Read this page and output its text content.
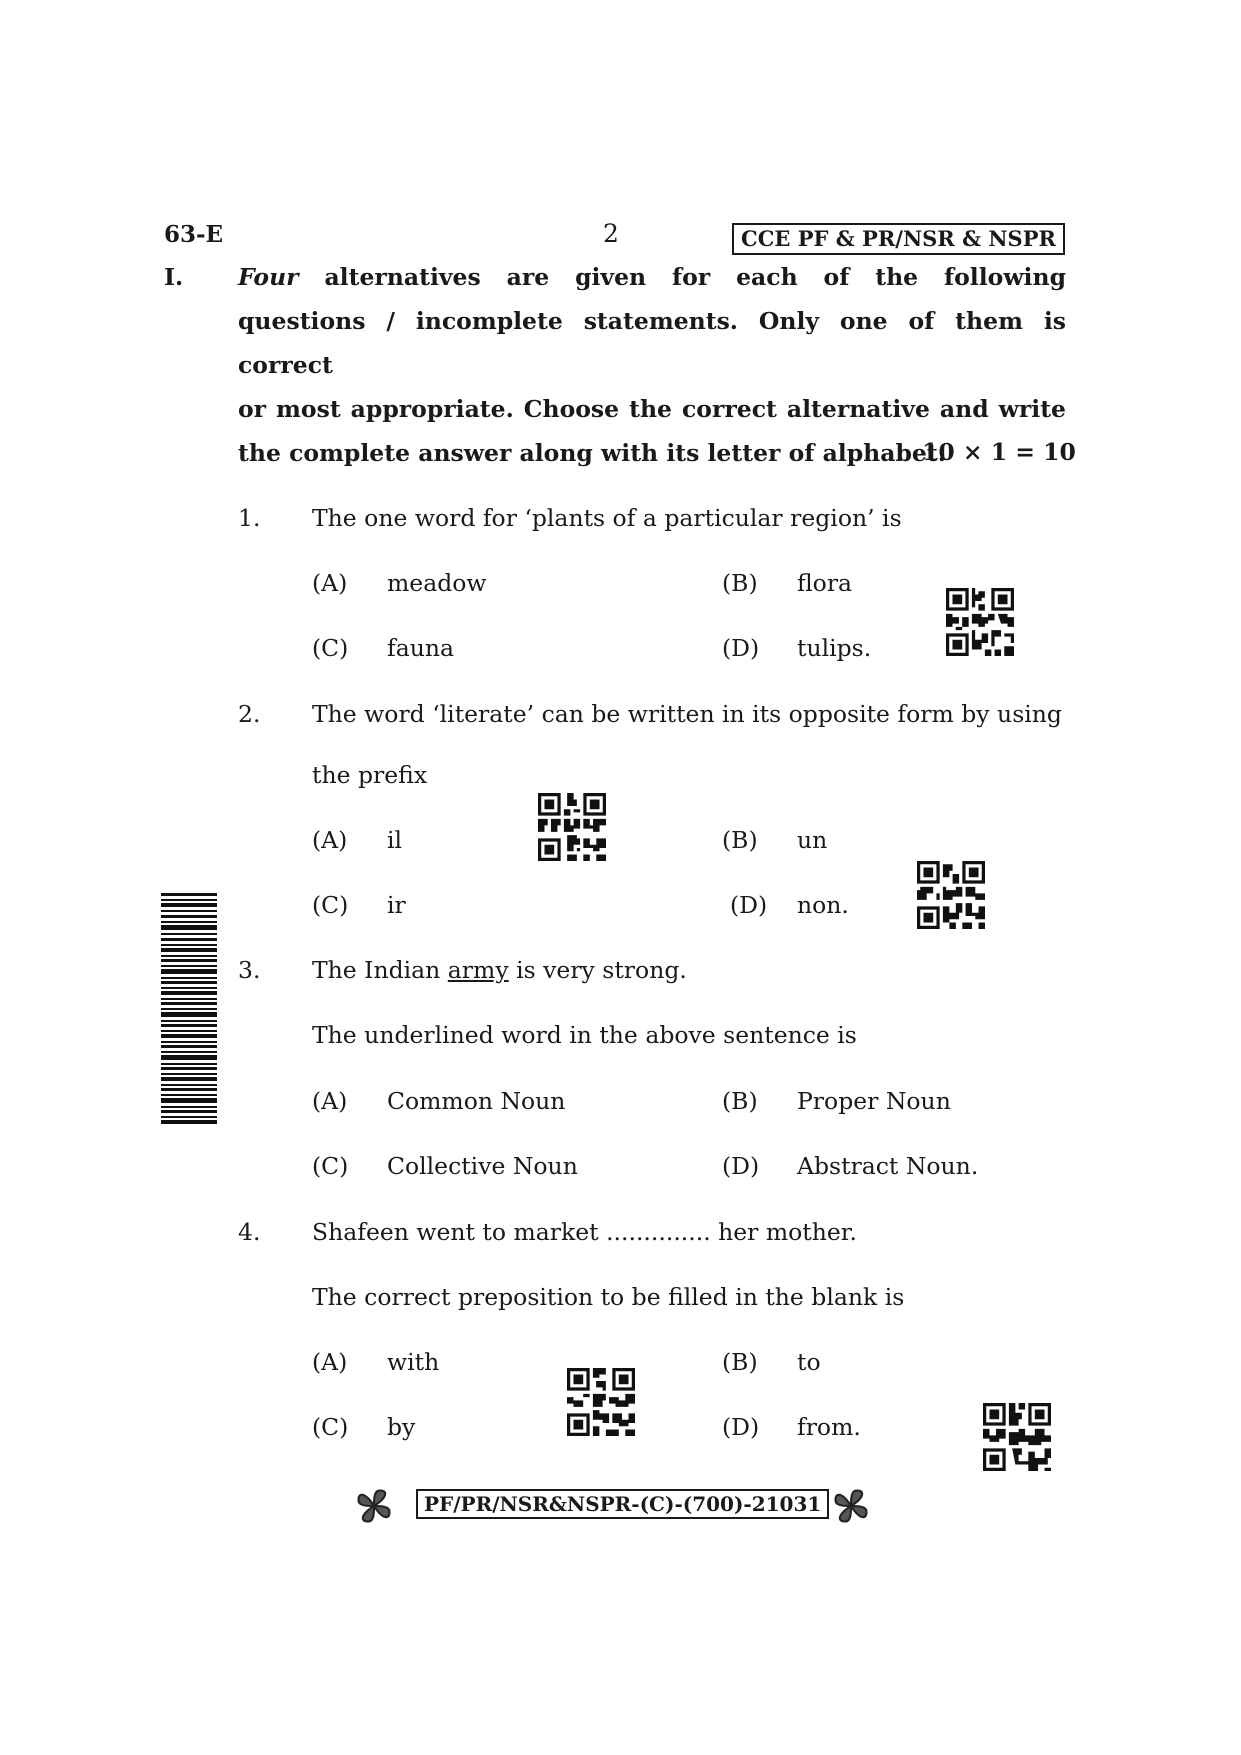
63-E	2	CCE PF & PR/NSR & NSPR
I. Four alternatives are given for each of the following
questions / incomplete statements. Only one of them is correct
or most appropriate. Choose the correct alternative and write
the complete answer along with its letter of alphabet.
10 × 1 = 10
1. The one word for ‘plants of a particular region’ is
(A) meadow	(B) flora
(C) fauna	(D) tulips.
2. The word ‘literate’ can be written in its opposite form by using
the prefix
(A) il	(B) un
(C) ir	(D) non.
3. The Indian army is very strong.
The underlined word in the above sentence is
(A) Common Noun	(B) Proper Noun
(C) Collective Noun	(D) Abstract Noun.
4. Shafeen went to market .............. her mother.
The correct preposition to be filled in the blank is
(A) with	(B) to
(C) by	(D) from.
PF/PR/NSR&NSPR-(C)-(700)-21031
